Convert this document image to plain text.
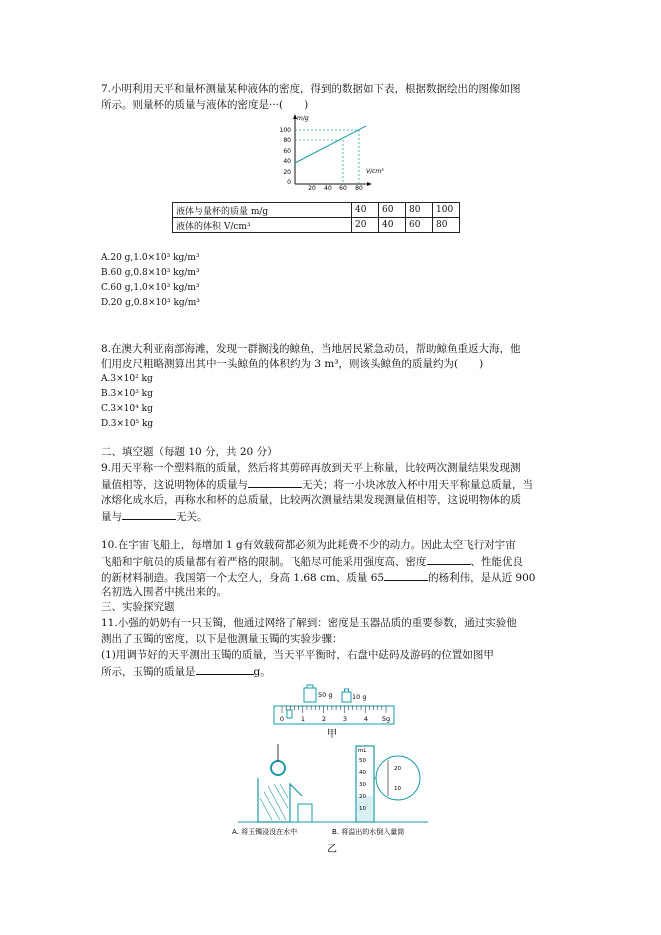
7.小明利用天平和量杯测量某种液体的密度，得到的数据如下表，根据数据绘出的图像如图
所示。则量杯的质量与液体的密度是···(　　)
m/g
V/cm³
100
80
60
40
20
0
20 40 60 80
液体与量杯的质量 m/g	40	60	80	100
液体的体积 V/cm³	20	40	60	80
A.20 g,1.0×10³ kg/m³
B.60 g,0.8×10³ kg/m³
C.60 g,1.0×10³ kg/m³
D.20 g,0.8×10³ kg/m³
8.在澳大利亚南部海滩，发现一群搁浅的鲸鱼，当地居民紧急动员，帮助鲸鱼重返大海，他
们用皮尺粗略测算出其中一头鲸鱼的体积约为 3 m³，则该头鲸鱼的质量约为(　　)
A.3×10² kg
B.3×10³ kg
C.3×10⁴ kg
D.3×10⁵ kg
二、填空题（每题 10 分，共 20 分）
9.用天平称一个塑料瓶的质量，然后将其剪碎再放到天平上称量，比较两次测量结果发现测
量值相等，这说明物体的质量与	无关；将一小块冰放入杯中用天平称量总质量，当
冰熔化成水后，再称水和杯的总质量，比较两次测量结果发现测量值相等，这说明物体的质
量与	无关。
10.在宇宙飞船上，每增加 1 g有效载荷都必须为此耗费不少的动力。因此太空飞行对宇宙
飞船和宇航员的质量都有着严格的限制。飞船尽可能采用强度高、密度	、性能优良
的新材料制造。我国第一个太空人，身高 1.68 cm、质量 65	的杨利伟，是从近 900
名初选入围者中挑出来的。
三、实验探究题
11.小强的奶奶有一只玉镯，他通过网络了解到：密度是玉器品质的重要参数，通过实验他
测出了玉镯的密度，以下是他测量玉镯的实验步骤：
(1)用调节好的天平测出玉镯的质量，当天平平衡时，右盘中砝码及游码的位置如图甲
所示，玉镯的质量是	g。
50 g	10 g
0	1	2	3	4 5g
甲
mL
50
40
30
20
10
20
10
A. 将玉镯浸没在水中	B. 将溢出的水倒入量筒
乙
